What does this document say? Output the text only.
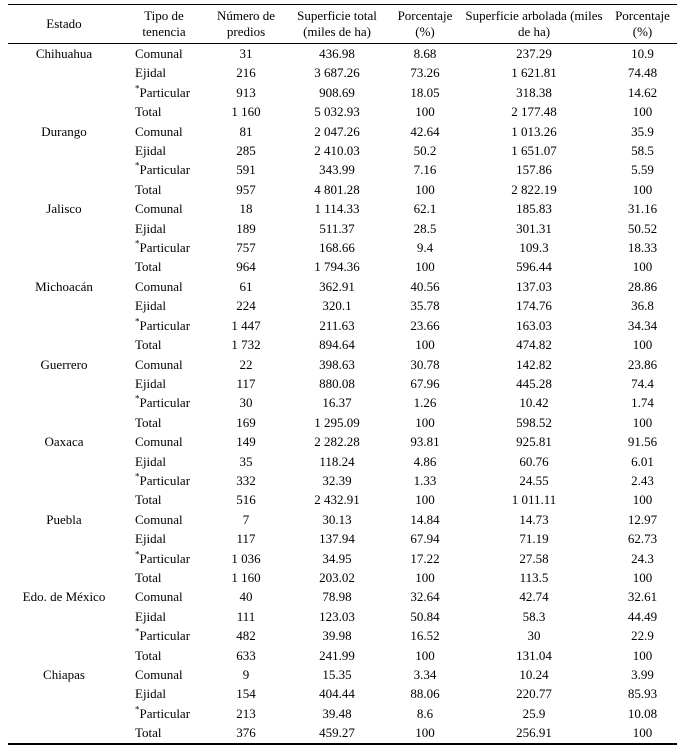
Estado	Tipo de tenencia	Número de predios	Superficie total (miles de ha)	Porcentaje (%)	Superficie arbolada (miles de ha)	Porcentaje (%)
Chihuahua	Comunal	31	436.98	8.68	237.29	10.9
	Ejidal	216	3 687.26	73.26	1 621.81	74.48
	*Particular	913	908.69	18.05	318.38	14.62
	Total	1 160	5 032.93	100	2 177.48	100
Durango	Comunal	81	2 047.26	42.64	1 013.26	35.9
	Ejidal	285	2 410.03	50.2	1 651.07	58.5
	*Particular	591	343.99	7.16	157.86	5.59
	Total	957	4 801.28	100	2 822.19	100
Jalisco	Comunal	18	1 114.33	62.1	185.83	31.16
	Ejidal	189	511.37	28.5	301.31	50.52
	*Particular	757	168.66	9.4	109.3	18.33
	Total	964	1 794.36	100	596.44	100
Michoacán	Comunal	61	362.91	40.56	137.03	28.86
	Ejidal	224	320.1	35.78	174.76	36.8
	*Particular	1 447	211.63	23.66	163.03	34.34
	Total	1 732	894.64	100	474.82	100
Guerrero	Comunal	22	398.63	30.78	142.82	23.86
	Ejidal	117	880.08	67.96	445.28	74.4
	*Particular	30	16.37	1.26	10.42	1.74
	Total	169	1 295.09	100	598.52	100
Oaxaca	Comunal	149	2 282.28	93.81	925.81	91.56
	Ejidal	35	118.24	4.86	60.76	6.01
	*Particular	332	32.39	1.33	24.55	2.43
	Total	516	2 432.91	100	1 011.11	100
Puebla	Comunal	7	30.13	14.84	14.73	12.97
	Ejidal	117	137.94	67.94	71.19	62.73
	*Particular	1 036	34.95	17.22	27.58	24.3
	Total	1 160	203.02	100	113.5	100
Edo. de México	Comunal	40	78.98	32.64	42.74	32.61
	Ejidal	111	123.03	50.84	58.3	44.49
	*Particular	482	39.98	16.52	30	22.9
	Total	633	241.99	100	131.04	100
Chiapas	Comunal	9	15.35	3.34	10.24	3.99
	Ejidal	154	404.44	88.06	220.77	85.93
	*Particular	213	39.48	8.6	25.9	10.08
	Total	376	459.27	100	256.91	100
